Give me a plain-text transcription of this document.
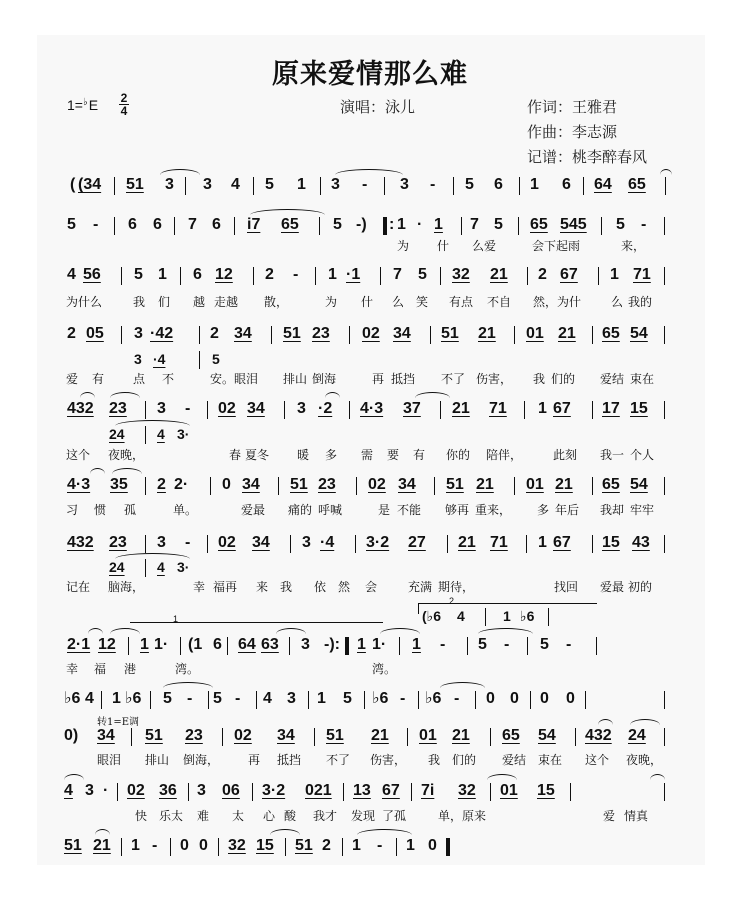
原来爱情那么难
1=♭E 2
4	演唱：泳儿	作词：王雅君
作曲：李志源
记谱：桃李醉春风
( (34 51 3 3 4 5 1 3 - 3 - 5 6 1 6 64 65
5 - 6 6 7 6 i7 65 5 -) : 1 · 1 7 5 65 545 5 -
为 什 么爱	会下起雨	来，
4 56 5 1 6 12 2 - 1 ·1 7 5 32 21 2 67 1 71
为什么	我 们 越 走越 散，	为 什 么 笑 有点 不自 然，为什 么 我的
2 05 3 ·42 2 34 51 23 02 34 51 21 01 21 65 54
3 ·4	5
爱 有 点 不	安。眼泪 排山 倒海	再 抵挡 不了 伤害， 我 们的 爱结 束在
432 23 3 - 02 34 3 ·2 4·3 37 21 71 1 67 17 15
24 4 3·
这个 夜晚，	春 夏冬 暖 多 需 要 有 你的 陪伴，	此刻 我一 个人
4·3 35 2 2· 0 34 51 23 02 34 51 21 01 21 65 54
习 惯 孤	单。	爱最 痛的 呼喊	是 不能 够再 重来， 多 年后 我却 牢牢
432 23 3 - 02 34 3 ·4 3·2 27 21 71 1 67 15 43
24 4 3·
记在 脑海，	幸 福再 来 我 依 然 会	充满 期待，	找回 爱最 初的
1
2
(♭6 4	1 ♭6
2·1 12 1 1· (1 6 64 63 3 -): 1 1· 1 - 5 - 5 -
幸 福 港	湾。	湾。
♭6 4 1 ♭6 5 - 5 - 4 3 1 5 ♭6 - ♭6 - 0 0 0 0
转1=E调
0) 34 51 23 02 34 51 21 01 21 65 54 432 24
眼泪 排山 倒海， 再 抵挡 不了 伤害， 我 们的 爱结 束在 这个 夜晚，
4 3 · 02 36 3 06 3·2 021 13 67 7i 32 01 15
快 乐太 难 太 心 酸 我才 发现 了孤	单，原来	爱 情真
51 21 1 - 0 0 32 15 51 2 1 - 1 0
